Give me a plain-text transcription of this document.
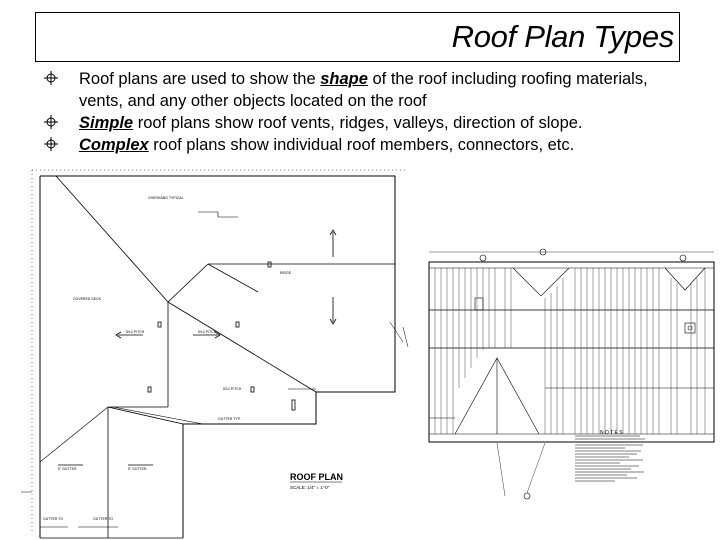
Roof Plan Types
Roof plans are used to show the shape of the roof including roofing materials, vents, and any other objects located on the roof
Simple roof plans show roof vents, ridges, valleys, direction of slope.
Complex roof plans show individual roof members, connectors, etc.
OVERHANG TYPICAL
RIDGE
COVERED DECK
5/12 PITCH	5/12 PITCH
5/12 PITCH
GUTTER TYP.
5" GUTTER	5" GUTTER
GUTTER TO	GUTTER TO
ROOF PLAN
SCALE: 1/4" = 1'-0"
N O T E S
